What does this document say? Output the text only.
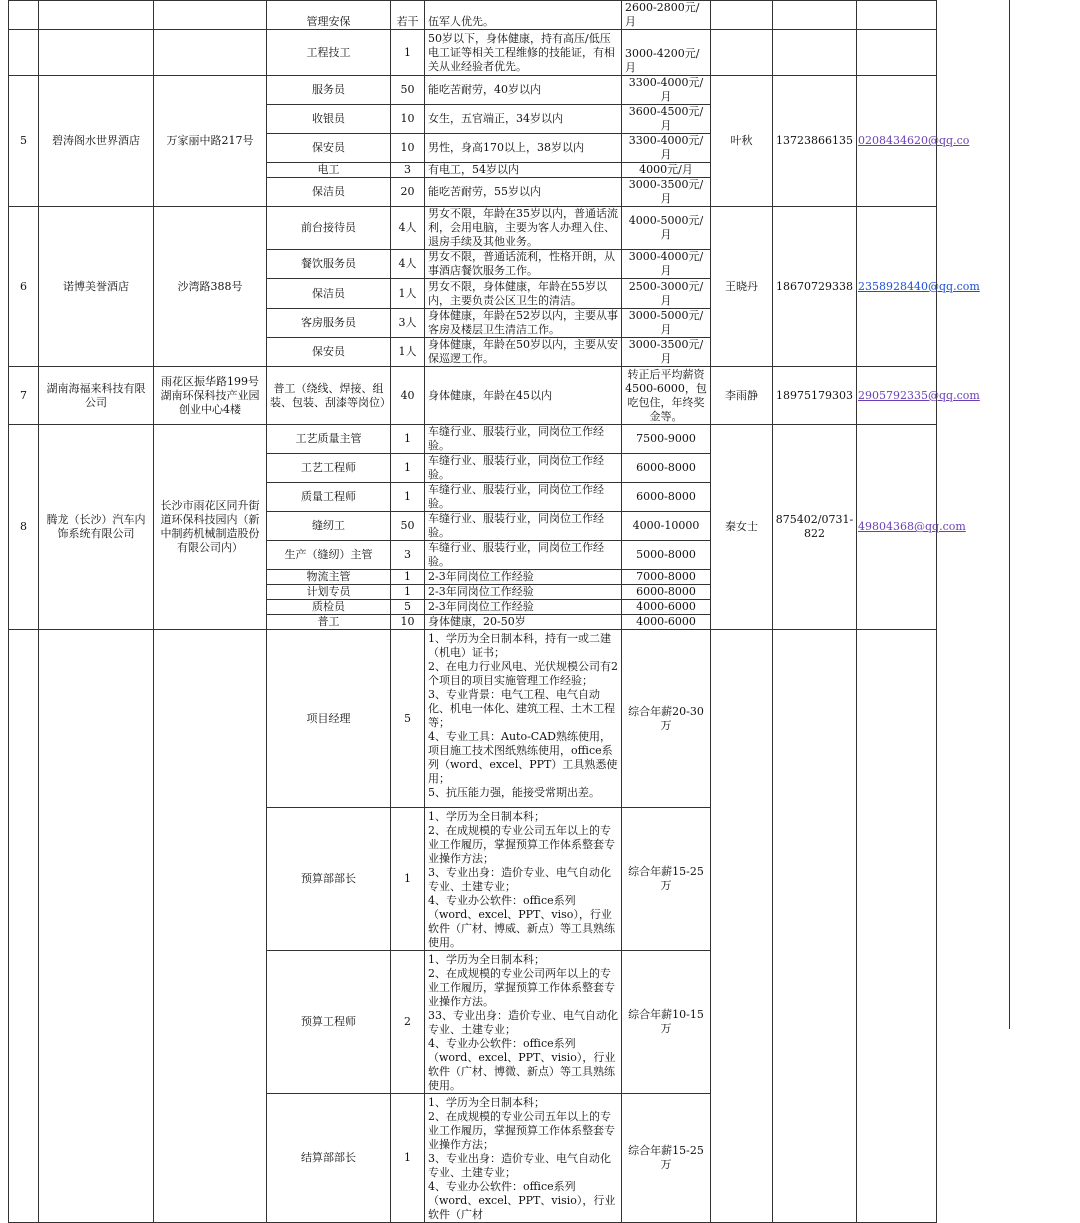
			管理安保	若干	伍军人优先。	2600-2800元/月			
			工程技工	1	50岁以下，身体健康，持有高压/低压电工证等相关工程维修的技能证，有相关从业经验者优先。	3000-4200元/月			
5	碧涛阁水世界酒店	万家丽中路217号	服务员	50	能吃苦耐劳，40岁以内	3300-4000元/月	叶秋	13723866135	0208434620@qq.co
			收银员	10	女生，五官端正，34岁以内	3600-4500元/月			
			保安员	10	男性，身高170以上，38岁以内	3300-4000元/月			
			电工	3	有电工，54岁以内	4000元/月			
			保洁员	20	能吃苦耐劳，55岁以内	3000-3500元/月			
6	诺博美誉酒店	沙湾路388号	前台接待员	4人	男女不限，年龄在35岁以内，普通话流利，会用电脑，主要为客人办理入住、退房手续及其他业务。	4000-5000元/月	王晓丹	18670729338	2358928440@qq.com
			餐饮服务员	4人	男女不限，普通话流利，性格开朗，从事酒店餐饮服务工作。	3000-4000元/月			
			保洁员	1人	男女不限，身体健康，年龄在55岁以内，主要负责公区卫生的清洁。	2500-3000元/月			
			客房服务员	3人	身体健康，年龄在52岁以内，主要从事客房及楼层卫生清洁工作。	3000-5000元/月			
			保安员	1人	身体健康，年龄在50岁以内，主要从安保巡逻工作。	3000-3500元/月			
7	湖南海福来科技有限公司	雨花区振华路199号湖南环保科技产业园创业中心4楼	普工（绕线、焊接、组装、包装、刮漆等岗位）	40	身体健康，年龄在45以内	转正后平均薪资4500-6000，包吃包住，年终奖金等。	李雨静	18975179303	2905792335@qq.com
8	腾龙（长沙）汽车内饰系统有限公司	长沙市雨花区同升街道环保科技园内（新中制药机械制造股份有限公司内）	工艺质量主管	1	车缝行业、服装行业，同岗位工作经验。	7500-9000	秦女士	875402/0731-822	49804368@qq.com
			工艺工程师	1	车缝行业、服装行业，同岗位工作经验。	6000-8000			
			质量工程师	1	车缝行业、服装行业，同岗位工作经验。	6000-8000			
			缝纫工	50	车缝行业、服装行业，同岗位工作经验。	4000-10000			
			生产（缝纫）主管	3	车缝行业、服装行业，同岗位工作经验。	5000-8000			
			物流主管	1	2-3年同岗位工作经验	7000-8000			
			计划专员	1	2-3年同岗位工作经验	6000-8000			
			质检员	5	2-3年同岗位工作经验	4000-6000			
			普工	10	身体健康，20-50岁	4000-6000			
			项目经理	5	1、学历为全日制本科，持有一或二建（机电）证书；
2、在电力行业风电、光伏规模公司有2个项目的项目实施管理工作经验；
3、专业背景：电气工程、电气自动化、机电一体化、建筑工程、土木工程等；
4、专业工具：Auto-CAD熟练使用，项目施工技术图纸熟练使用，office系列（word、excel、PPT）工具熟悉使用；
5、抗压能力强，能接受常期出差。	综合年薪20-30万			
			预算部部长	1	1、学历为全日制本科；
2、在成规模的专业公司五年以上的专业工作履历，掌握预算工作体系整套专业操作方法；
3、专业出身：造价专业、电气自动化专业、土建专业；
4、专业办公软件：office系列（word、excel、PPT、viso），行业软件（广材、博威、新点）等工具熟练使用。	综合年薪15-25万			
			预算工程师	2	1、学历为全日制本科；
2、在成规模的专业公司两年以上的专业工作履历，掌握预算工作体系整套专业操作方法。
33、专业出身：造价专业、电气自动化专业、土建专业；
4、专业办公软件：office系列（word、excel、PPT、visio），行业软件（广材、博微、新点）等工具熟练使用。	综合年薪10-15万			
			结算部部长	1	1、学历为全日制本科；
2、在成规模的专业公司五年以上的专业工作履历，掌握预算工作体系整套专业操作方法；
3、专业出身：造价专业、电气自动化专业、土建专业；
4、专业办公软件：office系列（word、excel、PPT、visio），行业软件（广材	综合年薪15-25万			
